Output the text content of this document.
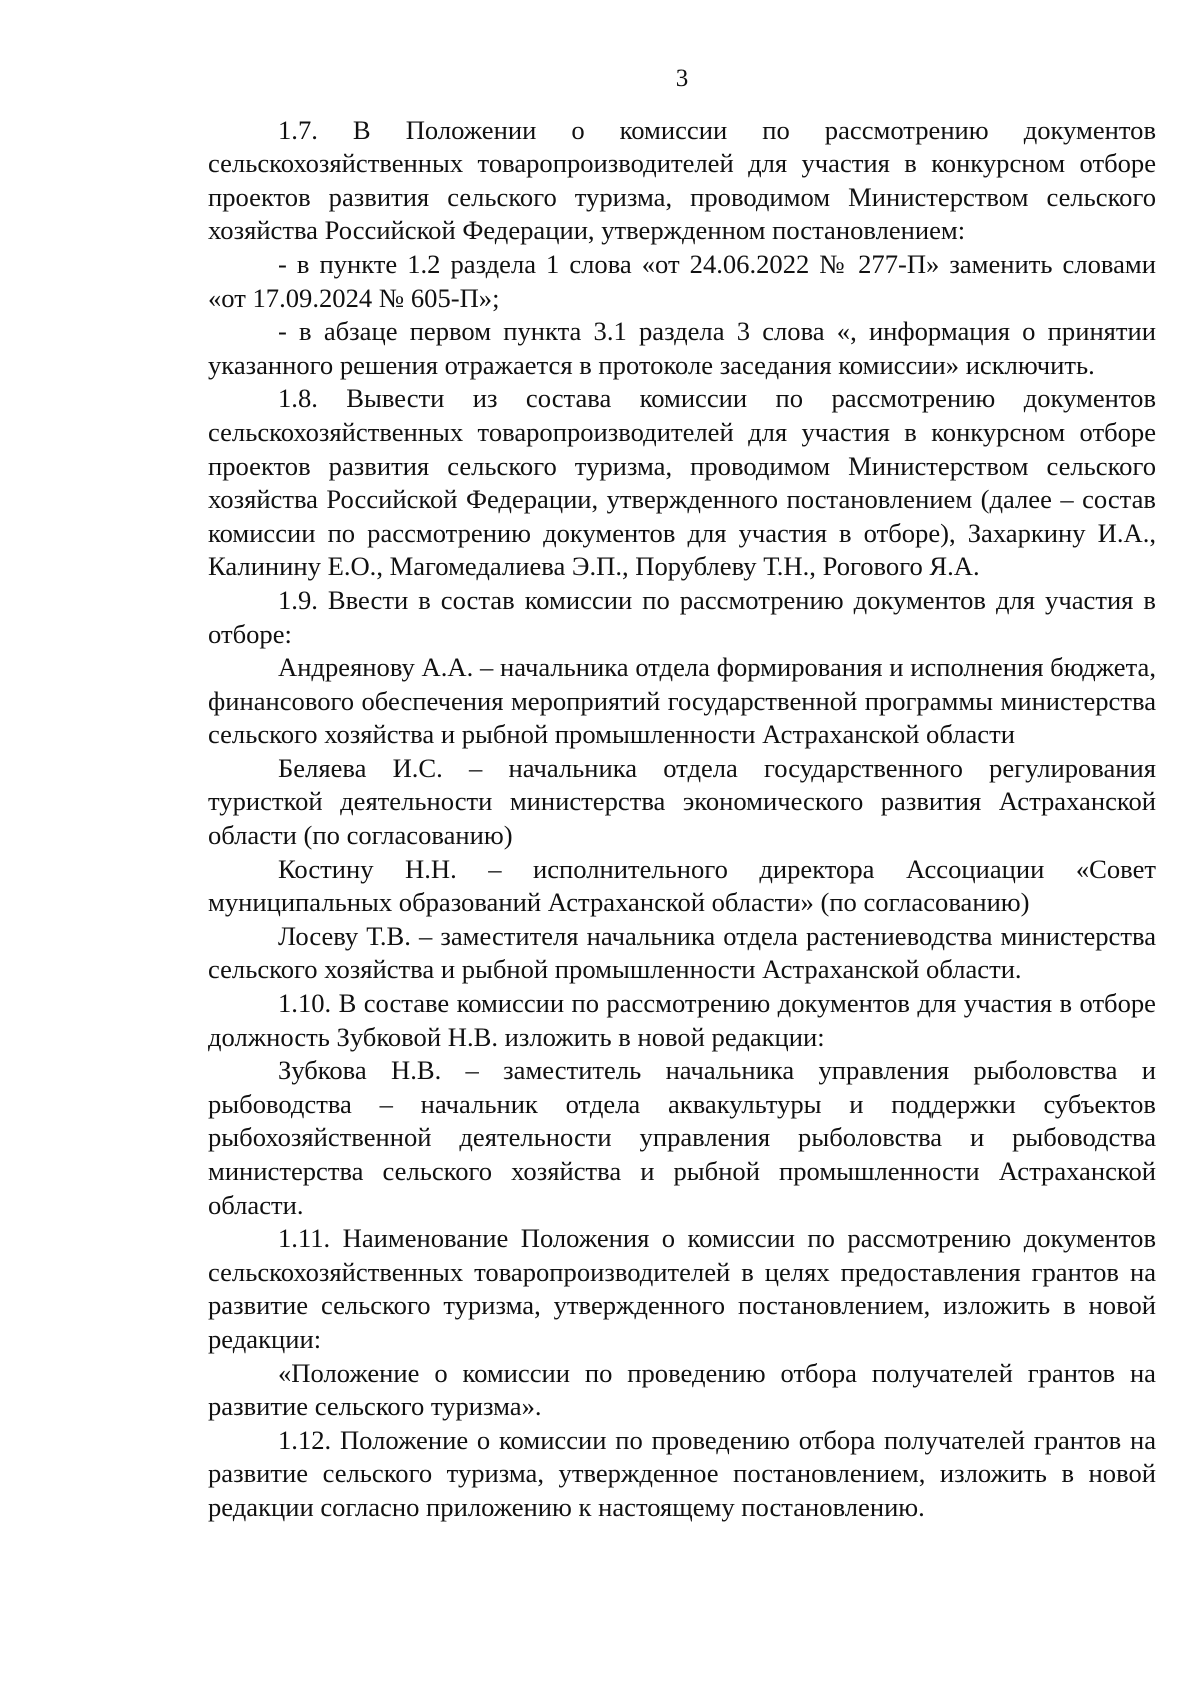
3

1.7. В Положении о комиссии по рассмотрению документов сельскохозяйственных товаропроизводителей для участия в конкурсном отборе проектов развития сельского туризма, проводимом Министерством сельского хозяйства Российской Федерации, утвержденном постановлением:

- в пункте 1.2 раздела 1 слова «от 24.06.2022 № 277-П» заменить словами «от 17.09.2024 № 605-П»;

- в абзаце первом пункта 3.1 раздела 3 слова «, информация о принятии указанного решения отражается в протоколе заседания комиссии» исключить.

1.8. Вывести из состава комиссии по рассмотрению документов сельскохозяйственных товаропроизводителей для участия в конкурсном отборе проектов развития сельского туризма, проводимом Министерством сельского хозяйства Российской Федерации, утвержденного постановлением (далее – состав комиссии по рассмотрению документов для участия в отборе), Захаркину И.А., Калинину Е.О., Магомедалиева Э.П., Порублеву Т.Н., Рогового Я.А.

1.9. Ввести в состав комиссии по рассмотрению документов для участия в отборе:

Андреянову А.А. – начальника отдела формирования и исполнения бюджета, финансового обеспечения мероприятий государственной программы министерства сельского хозяйства и рыбной промышленности Астраханской области

Беляева И.С. – начальника отдела государственного регулирования туристкой деятельности министерства экономического развития Астраханской области (по согласованию)

Костину Н.Н. – исполнительного директора Ассоциации «Совет муниципальных образований Астраханской области» (по согласованию)

Лосеву Т.В. – заместителя начальника отдела растениеводства министерства сельского хозяйства и рыбной промышленности Астраханской области.

1.10. В составе комиссии по рассмотрению документов для участия в отборе должность Зубковой Н.В. изложить в новой редакции:

Зубкова Н.В. – заместитель начальника управления рыболовства и рыбоводства – начальник отдела аквакультуры и поддержки субъектов рыбохозяйственной деятельности управления рыболовства и рыбоводства министерства сельского хозяйства и рыбной промышленности Астраханской области.

1.11. Наименование Положения о комиссии по рассмотрению документов сельскохозяйственных товаропроизводителей в целях предоставления грантов на развитие сельского туризма, утвержденного постановлением, изложить в новой редакции:

«Положение о комиссии по проведению отбора получателей грантов на развитие сельского туризма».

1.12. Положение о комиссии по проведению отбора получателей грантов на развитие сельского туризма, утвержденное постановлением, изложить в новой редакции согласно приложению к настоящему постановлению.
